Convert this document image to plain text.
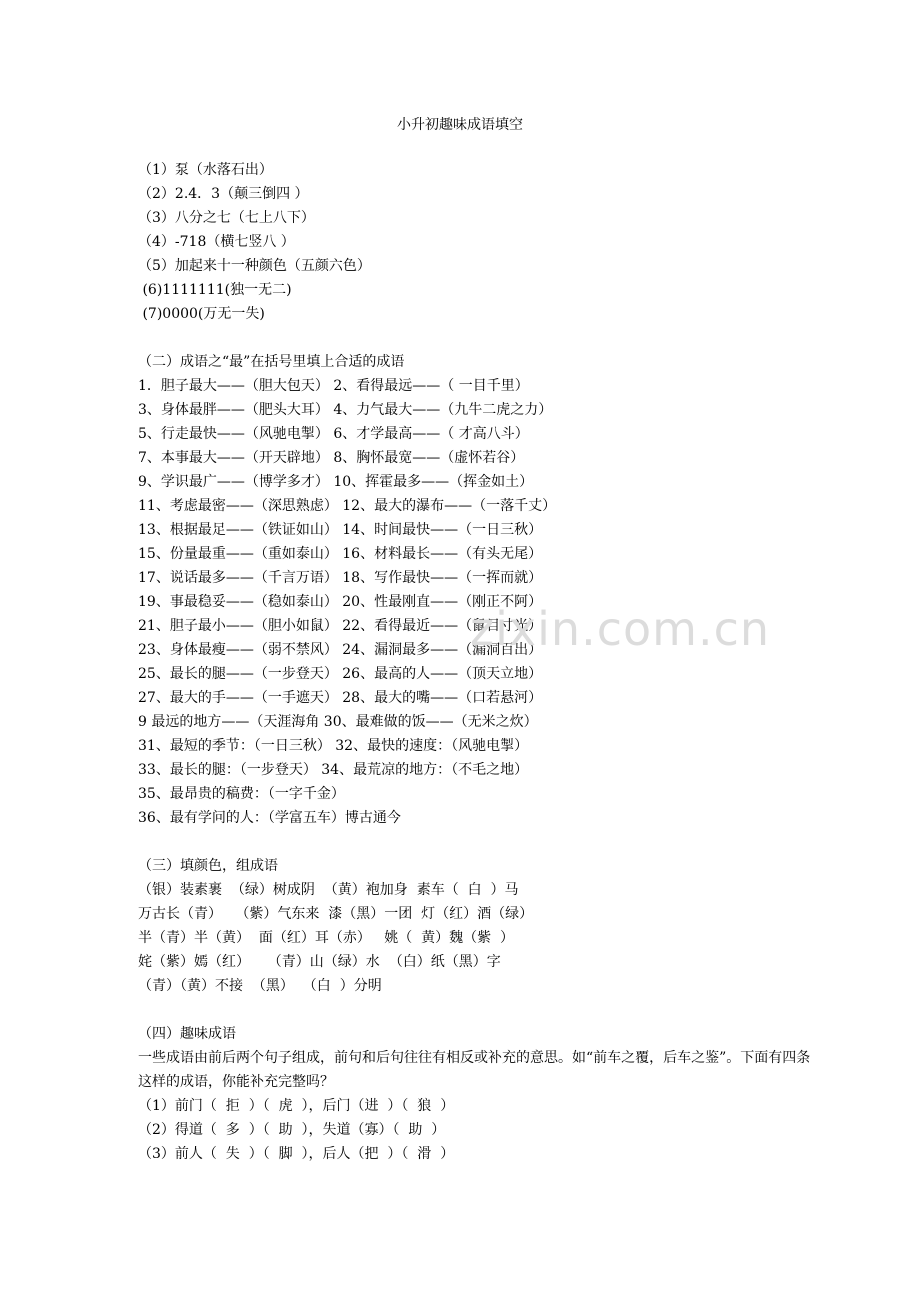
小升初趣味成语填空
（1）泵（水落石出）
（2）2.4．3（颠三倒四 ）
（3）八分之七（七上八下）
（4）-718（横七竖八 ）
（5）加起来十一种颜色（五颜六色）
(6)1111111(独一无二)
(7)0000(万无一失)
（二）成语之“最”在括号里填上合适的成语
1．胆子最大——（胆大包天） 2、看得最远——（ 一目千里）
3、身体最胖——（肥头大耳） 4、力气最大——（九牛二虎之力）
5、行走最快——（风驰电掣） 6、才学最高——（ 才高八斗）
7、本事最大——（开天辟地） 8、胸怀最宽——（虚怀若谷）
9、学识最广——（博学多才） 10、挥霍最多——（挥金如土）
11、考虑最密——（深思熟虑） 12、最大的瀑布——（一落千丈）
13、根据最足——（铁证如山） 14、时间最快——（一日三秋）
15、份量最重——（重如泰山） 16、材料最长——（有头无尾）
17、说话最多——（千言万语） 18、写作最快——（一挥而就）
19、事最稳妥——（稳如泰山） 20、性最刚直——（刚正不阿）
21、胆子最小——（胆小如鼠） 22、看得最近——（鼠目寸光）
23、身体最瘦——（弱不禁风） 24、漏洞最多——（漏洞百出）
25、最长的腿——（一步登天） 26、最高的人——（顶天立地）
27、最大的手——（一手遮天） 28、最大的嘴——（口若悬河）
9 最远的地方——（天涯海角 30、最难做的饭——（无米之炊）
31、最短的季节：（一日三秋） 32、最快的速度：（风驰电掣）
33、最长的腿：（一步登天） 34、最荒凉的地方：（不毛之地）
35、最昂贵的稿费：（一字千金）
36、最有学问的人：（学富五车）博古通今
（三）填颜色，组成语
（银）装素裹  （绿）树成阴  （黄）袍加身  素车（  白  ）马
万古长（青）   （紫）气东来  漆（黑）一团  灯（红）酒（绿）
半（青）半（黄）  面（红）耳（赤）   姚（  黄）魏（紫  ）
姹（紫）嫣（红）    （青）山（绿）水  （白）纸（黑）字
（青）（黄）不接  （黑）  （白  ）分明
（四）趣味成语
一些成语由前后两个句子组成，前句和后句往往有相反或补充的意思。如“前车之覆，后车之鉴”。下面有四条这样的成语，你能补充完整吗？
（1）前门（  拒  ）（  虎  ），后门（进  ）（  狼  ）
（2）得道（  多  ）（  助  ），失道（寡）（  助  ）
（3）前人（  失  ）（  脚  ），后人（把  ）（  滑  ）
zixin.com.cn
